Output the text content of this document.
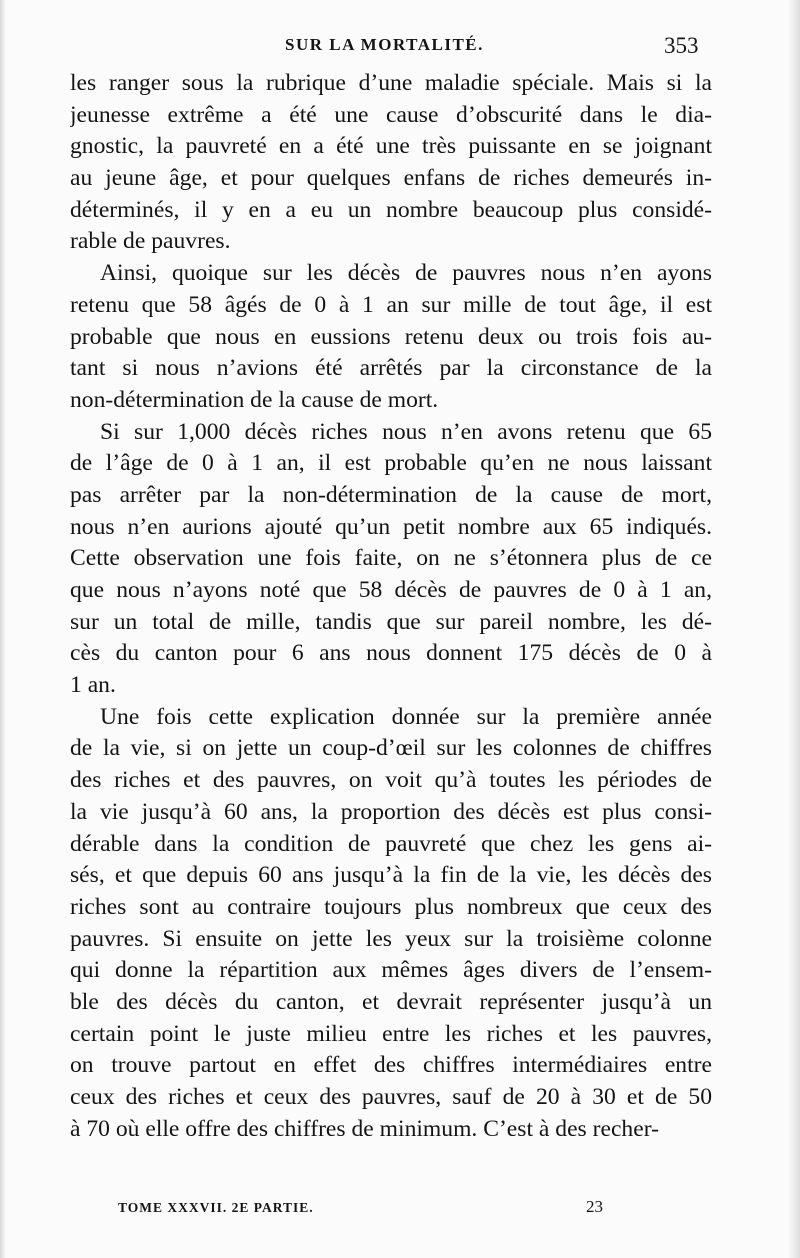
SUR LA MORTALITÉ.	353
les ranger sous la rubrique d’une maladie spéciale. Mais si la
jeunesse extrême a été une cause d’obscurité dans le dia-
gnostic, la pauvreté en a été une très puissante en se joignant
au jeune âge, et pour quelques enfans de riches demeurés in-
déterminés, il y en a eu un nombre beaucoup plus considé-
rable de pauvres.
Ainsi, quoique sur les décès de pauvres nous n’en ayons
retenu que 58 âgés de 0 à 1 an sur mille de tout âge, il est
probable que nous en eussions retenu deux ou trois fois au-
tant si nous n’avions été arrêtés par la circonstance de la
non-détermination de la cause de mort.
Si sur 1,000 décès riches nous n’en avons retenu que 65
de l’âge de 0 à 1 an, il est probable qu’en ne nous laissant
pas arrêter par la non-détermination de la cause de mort,
nous n’en aurions ajouté qu’un petit nombre aux 65 indiqués.
Cette observation une fois faite, on ne s’étonnera plus de ce
que nous n’ayons noté que 58 décès de pauvres de 0 à 1 an,
sur un total de mille, tandis que sur pareil nombre, les dé-
cès du canton pour 6 ans nous donnent 175 décès de 0 à
1 an.
Une fois cette explication donnée sur la première année
de la vie, si on jette un coup-d’œil sur les colonnes de chiffres
des riches et des pauvres, on voit qu’à toutes les périodes de
la vie jusqu’à 60 ans, la proportion des décès est plus consi-
dérable dans la condition de pauvreté que chez les gens ai-
sés, et que depuis 60 ans jusqu’à la fin de la vie, les décès des
riches sont au contraire toujours plus nombreux que ceux des
pauvres. Si ensuite on jette les yeux sur la troisième colonne
qui donne la répartition aux mêmes âges divers de l’ensem-
ble des décès du canton, et devrait représenter jusqu’à un
certain point le juste milieu entre les riches et les pauvres,
on trouve partout en effet des chiffres intermédiaires entre
ceux des riches et ceux des pauvres, sauf de 20 à 30 et de 50
à 70 où elle offre des chiffres de minimum. C’est à des recher-
TOME XXXVII. 2E PARTIE.	23
